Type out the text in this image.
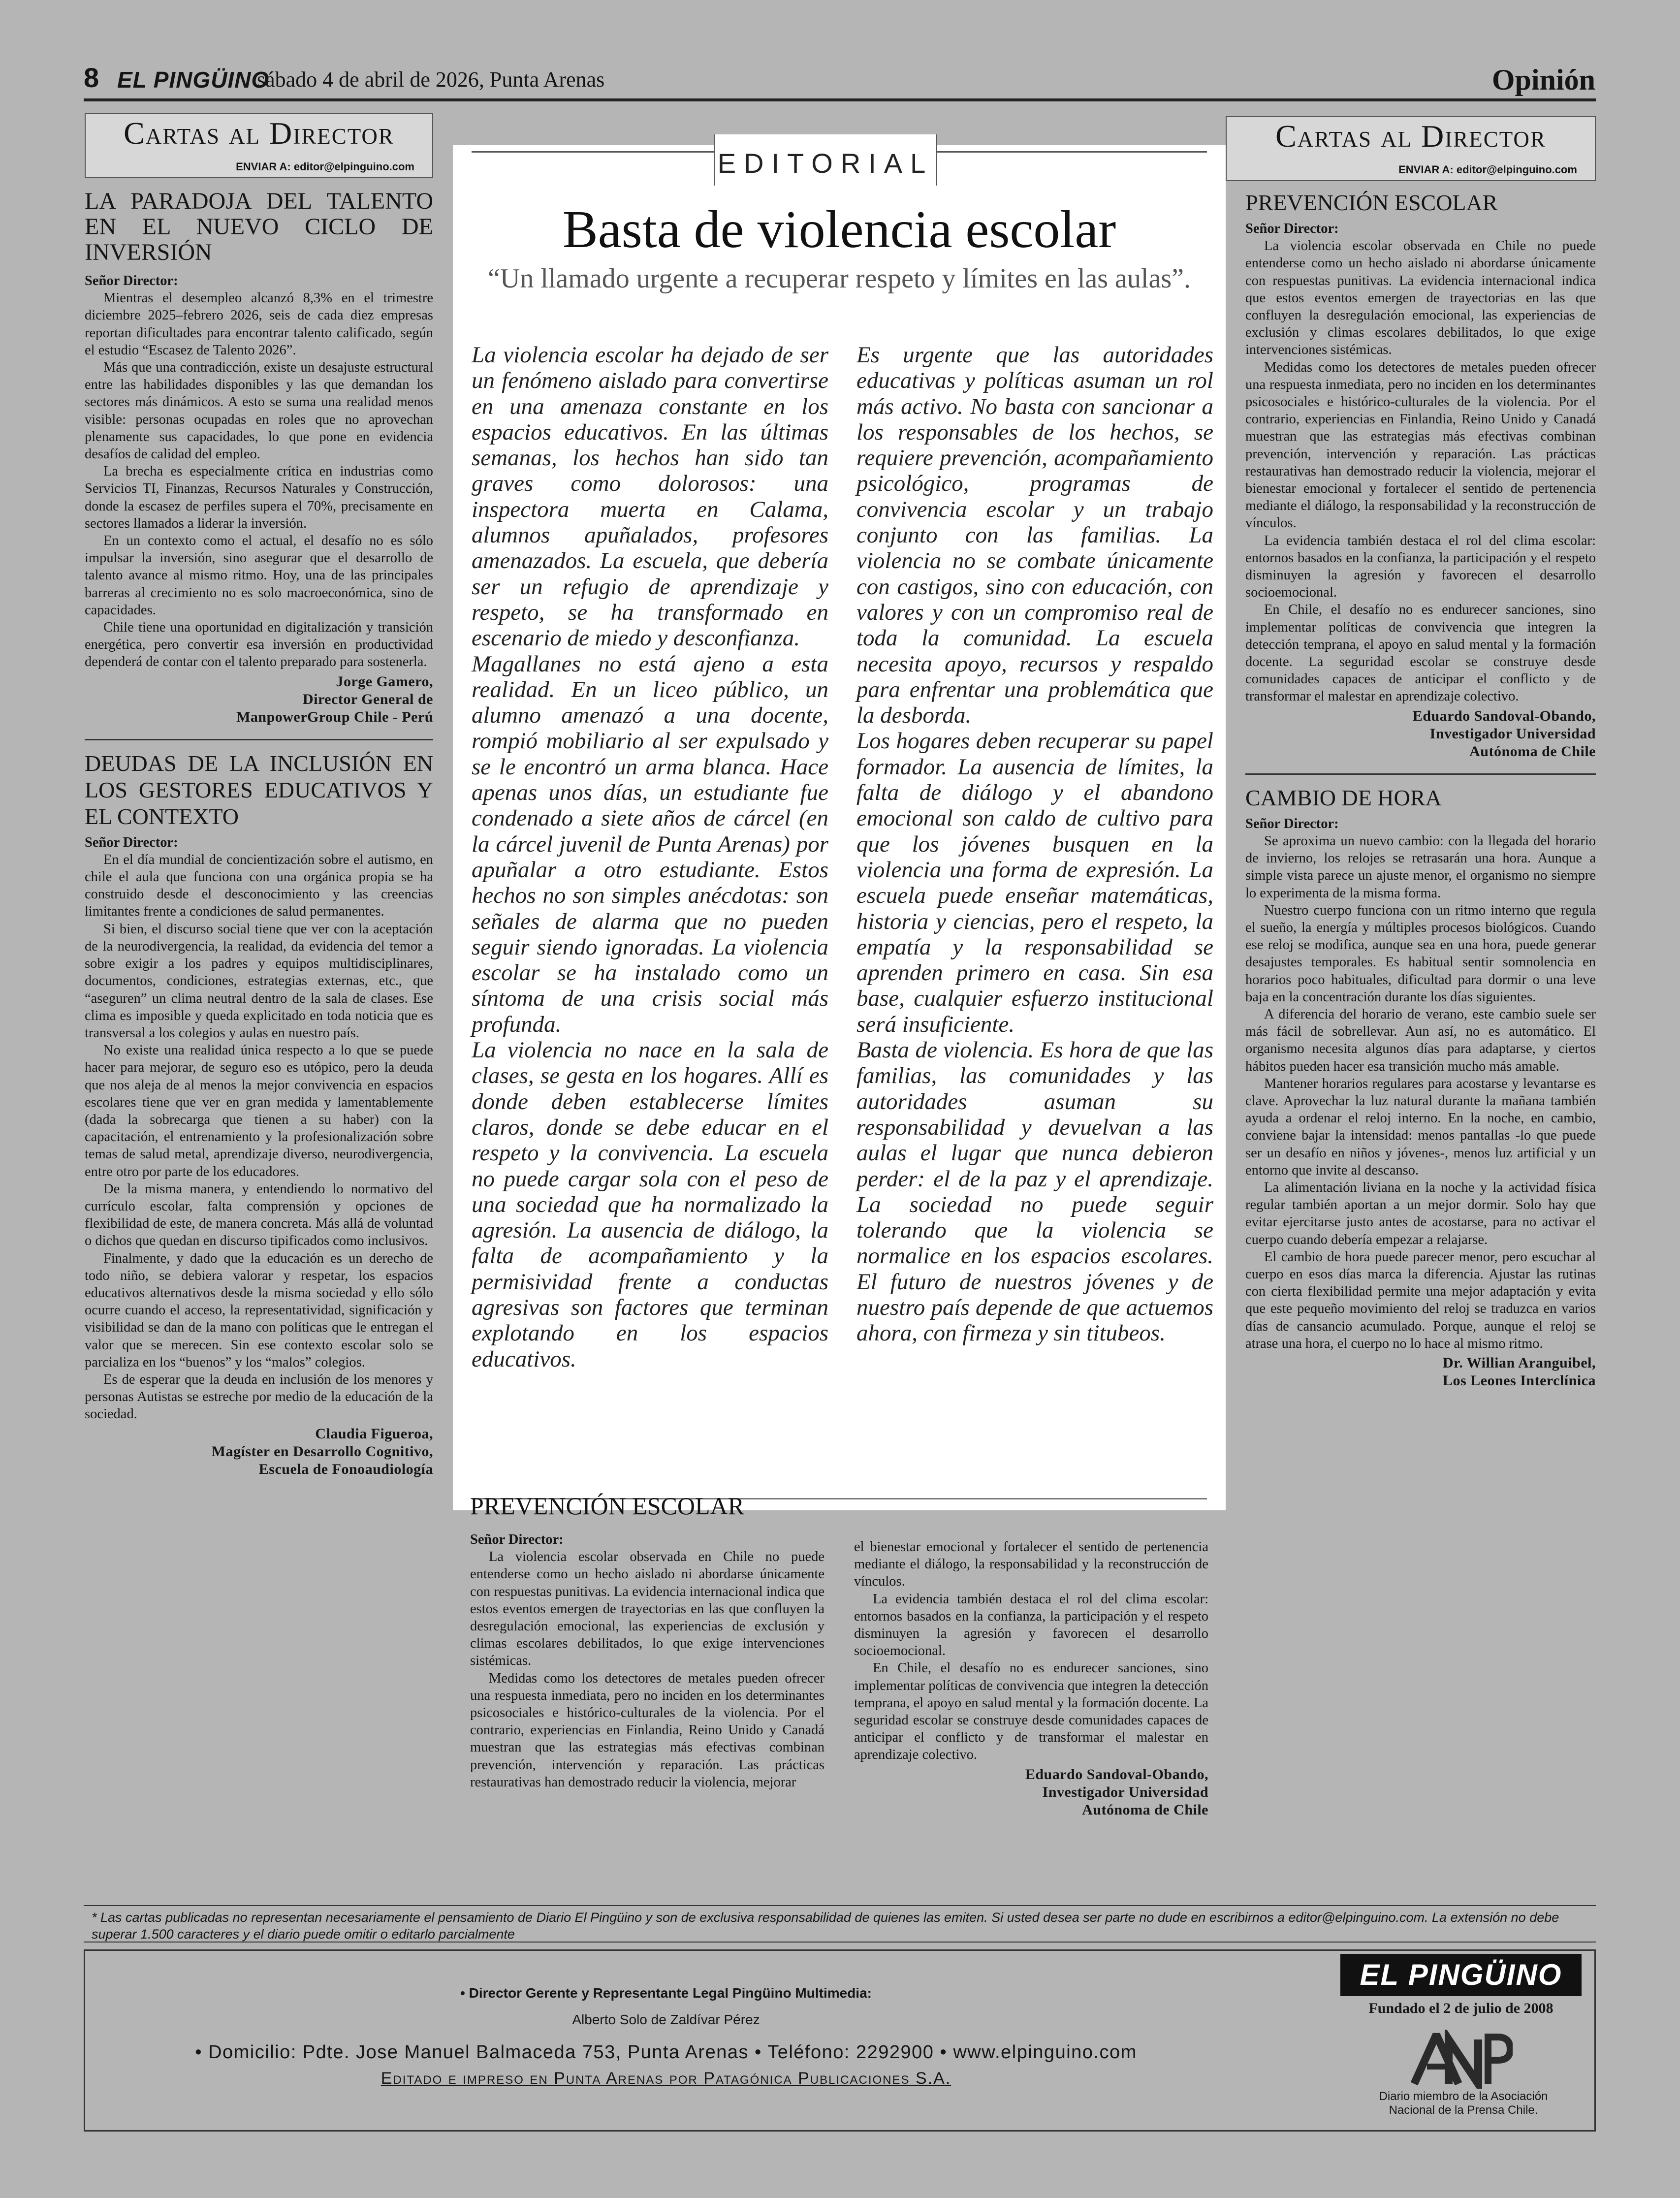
8 EL PINGÜINO
sábado 4 de abril de 2026, Punta Arenas	Opinión
Cartas al Director
ENVIAR A: editor@elpinguino.com
LA PARADOJA DEL TALENTO EN EL NUEVO CICLO DE INVERSIÓN

Señor Director:

Mientras el desempleo alcanzó 8,3% en el trimestre diciembre 2025–febrero 2026, seis de cada diez empresas reportan dificultades para encontrar talento calificado, según el estudio “Escasez de Talento 2026”.

Más que una contradicción, existe un desajuste estructural entre las habilidades disponibles y las que demandan los sectores más dinámicos. A esto se suma una realidad menos visible: personas ocupadas en roles que no aprovechan plenamente sus capacidades, lo que pone en evidencia desafíos de calidad del empleo.

La brecha es especialmente crítica en industrias como Servicios TI, Finanzas, Recursos Naturales y Construcción, donde la escasez de perfiles supera el 70%, precisamente en sectores llamados a liderar la inversión.

En un contexto como el actual, el desafío no es sólo impulsar la inversión, sino asegurar que el desarrollo de talento avance al mismo ritmo. Hoy, una de las principales barreras al crecimiento no es solo macroeconómica, sino de capacidades.

Chile tiene una oportunidad en digitalización y transición energética, pero convertir esa inversión en productividad dependerá de contar con el talento preparado para sostenerla.

Jorge Gamero,
Director General de
ManpowerGroup Chile - Perú
DEUDAS DE LA INCLUSIÓN EN LOS GESTORES EDUCATIVOS Y EL CONTEXTO

Señor Director:

En el día mundial de concientización sobre el autismo, en chile el aula que funciona con una orgánica propia se ha construido desde el desconocimiento y las creencias limitantes frente a condiciones de salud permanentes.

Si bien, el discurso social tiene que ver con la aceptación de la neurodivergencia, la realidad, da evidencia del temor a sobre exigir a los padres y equipos multidisciplinares, documentos, condiciones, estrategias externas, etc., que “aseguren” un clima neutral dentro de la sala de clases. Ese clima es imposible y queda explicitado en toda noticia que es transversal a los colegios y aulas en nuestro país.

No existe una realidad única respecto a lo que se puede hacer para mejorar, de seguro eso es utópico, pero la deuda que nos aleja de al menos la mejor convivencia en espacios escolares tiene que ver en gran medida y lamentablemente (dada la sobrecarga que tienen a su haber) con la capacitación, el entrenamiento y la profesionalización sobre temas de salud metal, aprendizaje diverso, neurodivergencia, entre otro por parte de los educadores.

De la misma manera, y entendiendo lo normativo del currículo escolar, falta comprensión y opciones de flexibilidad de este, de manera concreta. Más allá de voluntad o dichos que quedan en discurso tipificados como inclusivos.

Finalmente, y dado que la educación es un derecho de todo niño, se debiera valorar y respetar, los espacios educativos alternativos desde la misma sociedad y ello sólo ocurre cuando el acceso, la representatividad, significación y visibilidad se dan de la mano con políticas que le entregan el valor que se merecen. Sin ese contexto escolar solo se parcializa en los “buenos” y los “malos” colegios.

Es de esperar que la deuda en inclusión de los menores y personas Autistas se estreche por medio de la educación de la sociedad.

Claudia Figueroa,
Magíster en Desarrollo Cognitivo,
Escuela de Fonoaudiología
EDITORIAL
Basta de violencia escolar
“Un llamado urgente a recuperar respeto y límites en las aulas”.

La violencia escolar ha dejado de ser un fenómeno aislado para convertirse en una amenaza constante en los espacios educativos. En las últimas semanas, los hechos han sido tan graves como dolorosos: una inspectora muerta en Calama, alumnos apuñalados, profesores amenazados. La escuela, que debería ser un refugio de aprendizaje y respeto, se ha transformado en escenario de miedo y desconfianza.

Magallanes no está ajeno a esta realidad. En un liceo público, un alumno amenazó a una docente, rompió mobiliario al ser expulsado y se le encontró un arma blanca. Hace apenas unos días, un estudiante fue condenado a siete años de cárcel (en la cárcel juvenil de Punta Arenas) por apuñalar a otro estudiante. Estos hechos no son simples anécdotas: son señales de alarma que no pueden seguir siendo ignoradas. La violencia escolar se ha instalado como un síntoma de una crisis social más profunda.

La violencia no nace en la sala de clases, se gesta en los hogares. Allí es donde deben establecerse límites claros, donde se debe educar en el respeto y la convivencia. La escuela no puede cargar sola con el peso de una sociedad que ha normalizado la agresión. La ausencia de diálogo, la falta de acompañamiento y la permisividad frente a conductas agresivas son factores que terminan explotando en los espacios educativos.

Es urgente que las autoridades educativas y políticas asuman un rol más activo. No basta con sancionar a los responsables de los hechos, se requiere prevención, acompañamiento psicológico, programas de convivencia escolar y un trabajo conjunto con las familias. La violencia no se combate únicamente con castigos, sino con educación, con valores y con un compromiso real de toda la comunidad. La escuela necesita apoyo, recursos y respaldo para enfrentar una problemática que la desborda.

Los hogares deben recuperar su papel formador. La ausencia de límites, la falta de diálogo y el abandono emocional son caldo de cultivo para que los jóvenes busquen en la violencia una forma de expresión. La escuela puede enseñar matemáticas, historia y ciencias, pero el respeto, la empatía y la responsabilidad se aprenden primero en casa. Sin esa base, cualquier esfuerzo institucional será insuficiente.

Basta de violencia. Es hora de que las familias, las comunidades y las autoridades asuman su responsabilidad y devuelvan a las aulas el lugar que nunca debieron perder: el de la paz y el aprendizaje. La sociedad no puede seguir tolerando que la violencia se normalice en los espacios escolares. El futuro de nuestros jóvenes y de nuestro país depende de que actuemos ahora, con firmeza y sin titubeos.

PREVENCIÓN ESCOLAR

Señor Director:

La violencia escolar observada en Chile no puede entenderse como un hecho aislado ni abordarse únicamente con respuestas punitivas. La evidencia internacional indica que estos eventos emergen de trayectorias en las que confluyen la desregulación emocional, las experiencias de exclusión y climas escolares debilitados, lo que exige intervenciones sistémicas.

Medidas como los detectores de metales pueden ofrecer una respuesta inmediata, pero no inciden en los determinantes psicosociales e histórico-culturales de la violencia. Por el contrario, experiencias en Finlandia, Reino Unido y Canadá muestran que las estrategias más efectivas combinan prevención, intervención y reparación. Las prácticas restaurativas han demostrado reducir la violencia, mejorar

el bienestar emocional y fortalecer el sentido de pertenencia mediante el diálogo, la responsabilidad y la reconstrucción de vínculos.

La evidencia también destaca el rol del clima escolar: entornos basados en la confianza, la participación y el respeto disminuyen la agresión y favorecen el desarrollo socioemocional.

En Chile, el desafío no es endurecer sanciones, sino implementar políticas de convivencia que integren la detección temprana, el apoyo en salud mental y la formación docente. La seguridad escolar se construye desde comunidades capaces de anticipar el conflicto y de transformar el malestar en aprendizaje colectivo.

Eduardo Sandoval-Obando,
Investigador Universidad
Autónoma de Chile
Cartas al Director
ENVIAR A: editor@elpinguino.com
PREVENCIÓN ESCOLAR

Señor Director:

La violencia escolar observada en Chile no puede entenderse como un hecho aislado ni abordarse únicamente con respuestas punitivas. La evidencia internacional indica que estos eventos emergen de trayectorias en las que confluyen la desregulación emocional, las experiencias de exclusión y climas escolares debilitados, lo que exige intervenciones sistémicas.

Medidas como los detectores de metales pueden ofrecer una respuesta inmediata, pero no inciden en los determinantes psicosociales e histórico-culturales de la violencia. Por el contrario, experiencias en Finlandia, Reino Unido y Canadá muestran que las estrategias más efectivas combinan prevención, intervención y reparación. Las prácticas restaurativas han demostrado reducir la violencia, mejorar el bienestar emocional y fortalecer el sentido de pertenencia mediante el diálogo, la responsabilidad y la reconstrucción de vínculos.

La evidencia también destaca el rol del clima escolar: entornos basados en la confianza, la participación y el respeto disminuyen la agresión y favorecen el desarrollo socioemocional.

En Chile, el desafío no es endurecer sanciones, sino implementar políticas de convivencia que integren la detección temprana, el apoyo en salud mental y la formación docente. La seguridad escolar se construye desde comunidades capaces de anticipar el conflicto y de transformar el malestar en aprendizaje colectivo.

Eduardo Sandoval-Obando,
Investigador Universidad
Autónoma de Chile
CAMBIO DE HORA

Señor Director:

Se aproxima un nuevo cambio: con la llegada del horario de invierno, los relojes se retrasarán una hora. Aunque a simple vista parece un ajuste menor, el organismo no siempre lo experimenta de la misma forma.

Nuestro cuerpo funciona con un ritmo interno que regula el sueño, la energía y múltiples procesos biológicos. Cuando ese reloj se modifica, aunque sea en una hora, puede generar desajustes temporales. Es habitual sentir somnolencia en horarios poco habituales, dificultad para dormir o una leve baja en la concentración durante los días siguientes.

A diferencia del horario de verano, este cambio suele ser más fácil de sobrellevar. Aun así, no es automático. El organismo necesita algunos días para adaptarse, y ciertos hábitos pueden hacer esa transición mucho más amable.

Mantener horarios regulares para acostarse y levantarse es clave. Aprovechar la luz natural durante la mañana también ayuda a ordenar el reloj interno. En la noche, en cambio, conviene bajar la intensidad: menos pantallas -lo que puede ser un desafío en niños y jóvenes-, menos luz artificial y un entorno que invite al descanso.

La alimentación liviana en la noche y la actividad física regular también aportan a un mejor dormir. Solo hay que evitar ejercitarse justo antes de acostarse, para no activar el cuerpo cuando debería empezar a relajarse.

El cambio de hora puede parecer menor, pero escuchar al cuerpo en esos días marca la diferencia. Ajustar las rutinas con cierta flexibilidad permite una mejor adaptación y evita que este pequeño movimiento del reloj se traduzca en varios días de cansancio acumulado. Porque, aunque el reloj se atrase una hora, el cuerpo no lo hace al mismo ritmo.

Dr. Willian Aranguibel,
Los Leones Interclínica
* Las cartas publicadas no representan necesariamente el pensamiento de Diario El Pingüino y son de exclusiva responsabilidad de quienes las emiten. Si usted desea ser parte no dude en escribirnos a editor@elpinguino.com. La extensión no debe superar 1.500 caracteres y el diario puede omitir o editarlo parcialmente
• Director Gerente y Representante Legal Pingüino Multimedia:
Alberto Solo de Zaldívar Pérez
• Domicilio: Pdte. Jose Manuel Balmaceda 753, Punta Arenas • Teléfono: 2292900 • www.elpinguino.com
Editado e impreso en Punta Arenas por Patagónica Publicaciones S.A.
EL PINGÜINO
Fundado el 2 de julio de 2008
ANP
Diario miembro de la Asociación Nacional de la Prensa Chile.
